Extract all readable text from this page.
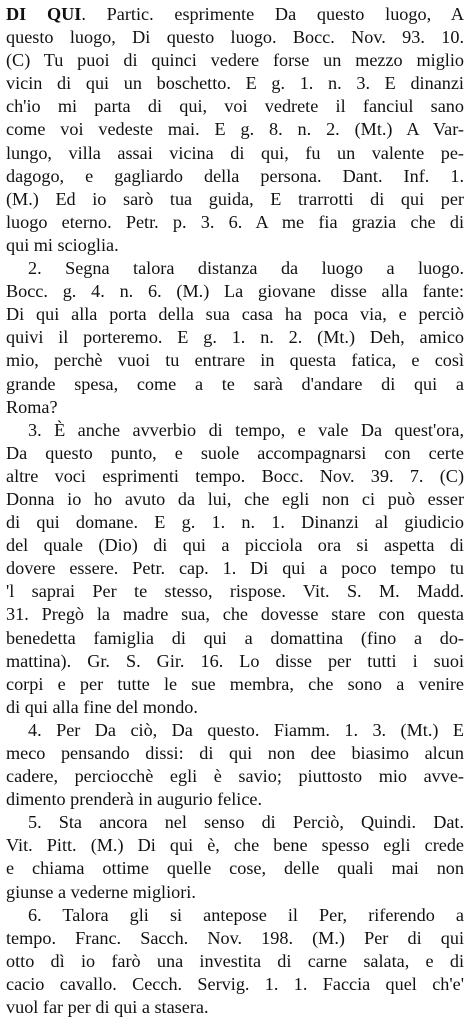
DI QUI. Partic. esprimente Da questo luogo, A
questo luogo, Di questo luogo. Bocc. Nov. 93. 10.
(C) Tu puoi di quinci vedere forse un mezzo miglio
vicin di qui un boschetto. E g. 1. n. 3. E dinanzi
ch'io mi parta di qui, voi vedrete il fanciul sano
come voi vedeste mai. E g. 8. n. 2. (Mt.) A Var-
lungo, villa assai vicina di qui, fu un valente pe-
dagogo, e gagliardo della persona. Dant. Inf. 1.
(M.) Ed io sarò tua guida, E trarrotti di qui per
luogo eterno. Petr. p. 3. 6. A me fia grazia che di
qui mi sciogliа.
2. Segna talora distanza da luogo a luogo.
Bocc. g. 4. n. 6. (M.) La giovane disse alla fante:
Di qui alla porta della sua casa ha poca via, e perciò
quivi il porteremo. E g. 1. n. 2. (Mt.) Deh, amico
mio, perchè vuoi tu entrare in questa fatica, e così
grande spesa, come a te sarà d'andare di qui a
Roma?
3. È anche avverbio di tempo, e vale Da quest'ora,
Da questo punto, e suole accompagnarsi con certe
altre voci esprimenti tempo. Bocc. Nov. 39. 7. (C)
Donna io ho avuto da lui, che egli non ci può esser
di qui domane. E g. 1. n. 1. Dinanzi al giudicio
del quale (Dio) di qui a picciola ora si aspetta di
dovere essere. Petr. cap. 1. Di qui a poco tempo tu
'l saprai Per te stesso, rispose. Vit. S. M. Madd.
31. Pregò la madre sua, che dovesse stare con questa
benedetta famiglia di qui a domattina (fino a do-
mattina). Gr. S. Gir. 16. Lo disse per tutti i suoi
corpi e per tutte le sue membra, che sono a venire
di qui alla fine del mondo.
4. Per Da ciò, Da questo. Fiamm. 1. 3. (Mt.) E
meco pensando dissi: di qui non dee biasimo alcun
cadere, perciocchè egli è savio; piuttosto mio avve-
dimento prenderà in augurio felice.
5. Sta ancora nel senso di Perciò, Quindi. Dat.
Vit. Pitt. (M.) Di qui è, che bene spesso egli crede
e chiama ottime quelle cose, delle quali mai non
giunse a vederne migliori.
6. Talora gli si antepose il Per, riferendo a
tempo. Franc. Sacch. Nov. 198. (M.) Per di qui
otto dì io farò una investita di carne salata, e di
cacio cavallo. Cecch. Servig. 1. 1. Faccia quel ch'e'
vuol far per di qui a stasera.
